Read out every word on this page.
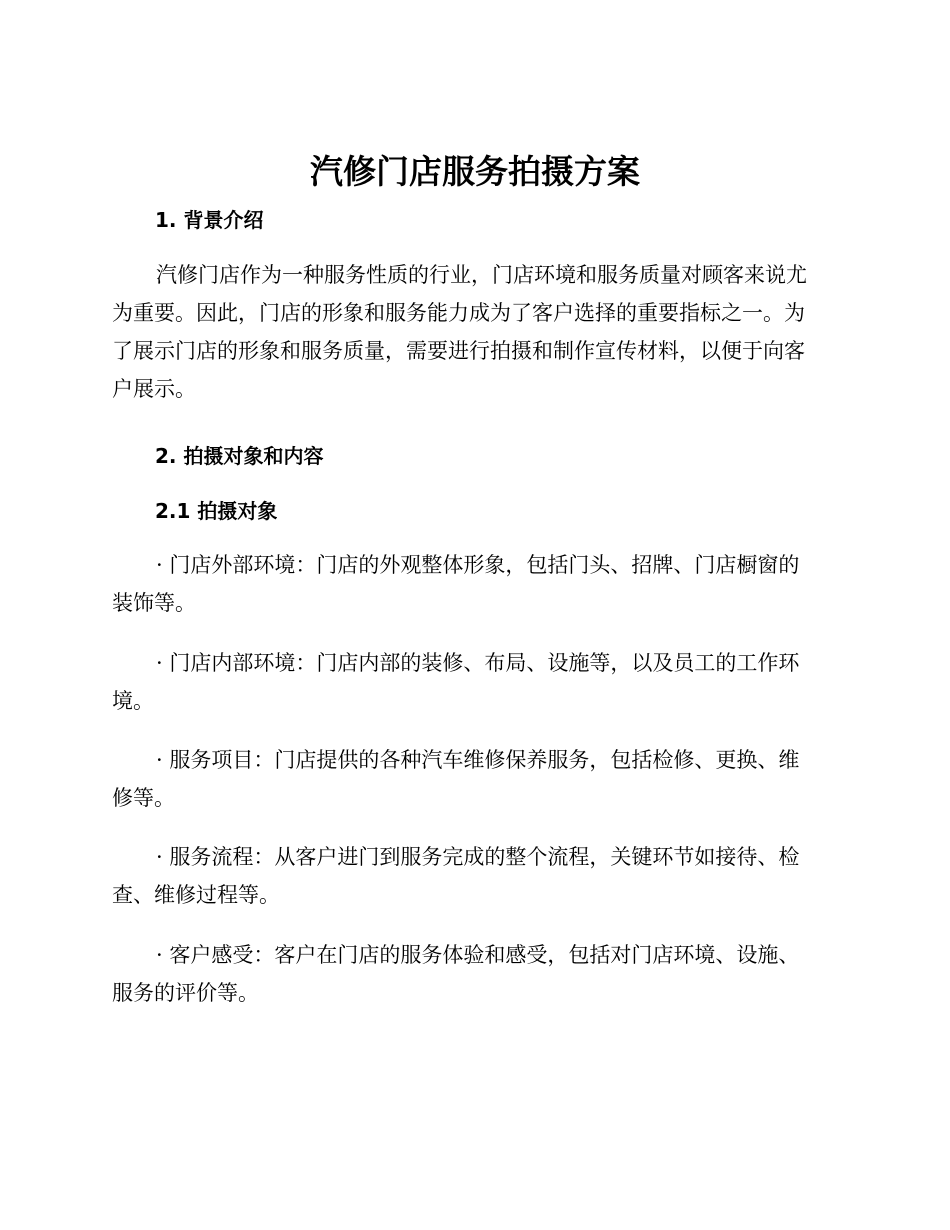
汽修门店服务拍摄方案
1. 背景介绍
汽修门店作为一种服务性质的行业，门店环境和服务质量对顾客来说尤
为重要。因此，门店的形象和服务能力成为了客户选择的重要指标之一。为
了展示门店的形象和服务质量，需要进行拍摄和制作宣传材料，以便于向客
户展示。
2. 拍摄对象和内容
2.1 拍摄对象
· 门店外部环境：门店的外观整体形象，包括门头、招牌、门店橱窗的
装饰等。
· 门店内部环境：门店内部的装修、布局、设施等，以及员工的工作环
境。
· 服务项目：门店提供的各种汽车维修保养服务，包括检修、更换、维
修等。
· 服务流程：从客户进门到服务完成的整个流程，关键环节如接待、检
查、维修过程等。
· 客户感受：客户在门店的服务体验和感受，包括对门店环境、设施、
服务的评价等。
